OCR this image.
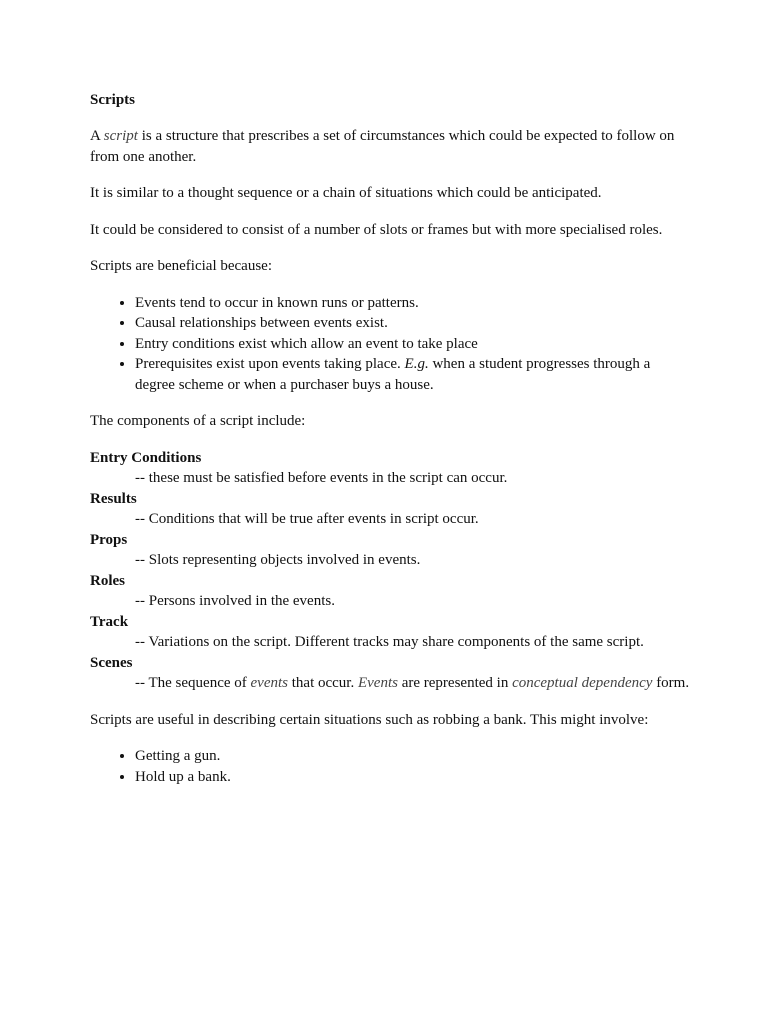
Scripts

A script is a structure that prescribes a set of circumstances which could be expected to follow on from one another.

It is similar to a thought sequence or a chain of situations which could be anticipated.

It could be considered to consist of a number of slots or frames but with more specialised roles.

Scripts are beneficial because:

• Events tend to occur in known runs or patterns.
• Causal relationships between events exist.
• Entry conditions exist which allow an event to take place
• Prerequisites exist upon events taking place. E.g. when a student progresses through a degree scheme or when a purchaser buys a house.

The components of a script include:

Entry Conditions
-- these must be satisfied before events in the script can occur.
Results
-- Conditions that will be true after events in script occur.
Props
-- Slots representing objects involved in events.
Roles
-- Persons involved in the events.
Track
-- Variations on the script. Different tracks may share components of the same script.
Scenes
-- The sequence of events that occur. Events are represented in conceptual dependency form.

Scripts are useful in describing certain situations such as robbing a bank. This might involve:

• Getting a gun.
• Hold up a bank.
